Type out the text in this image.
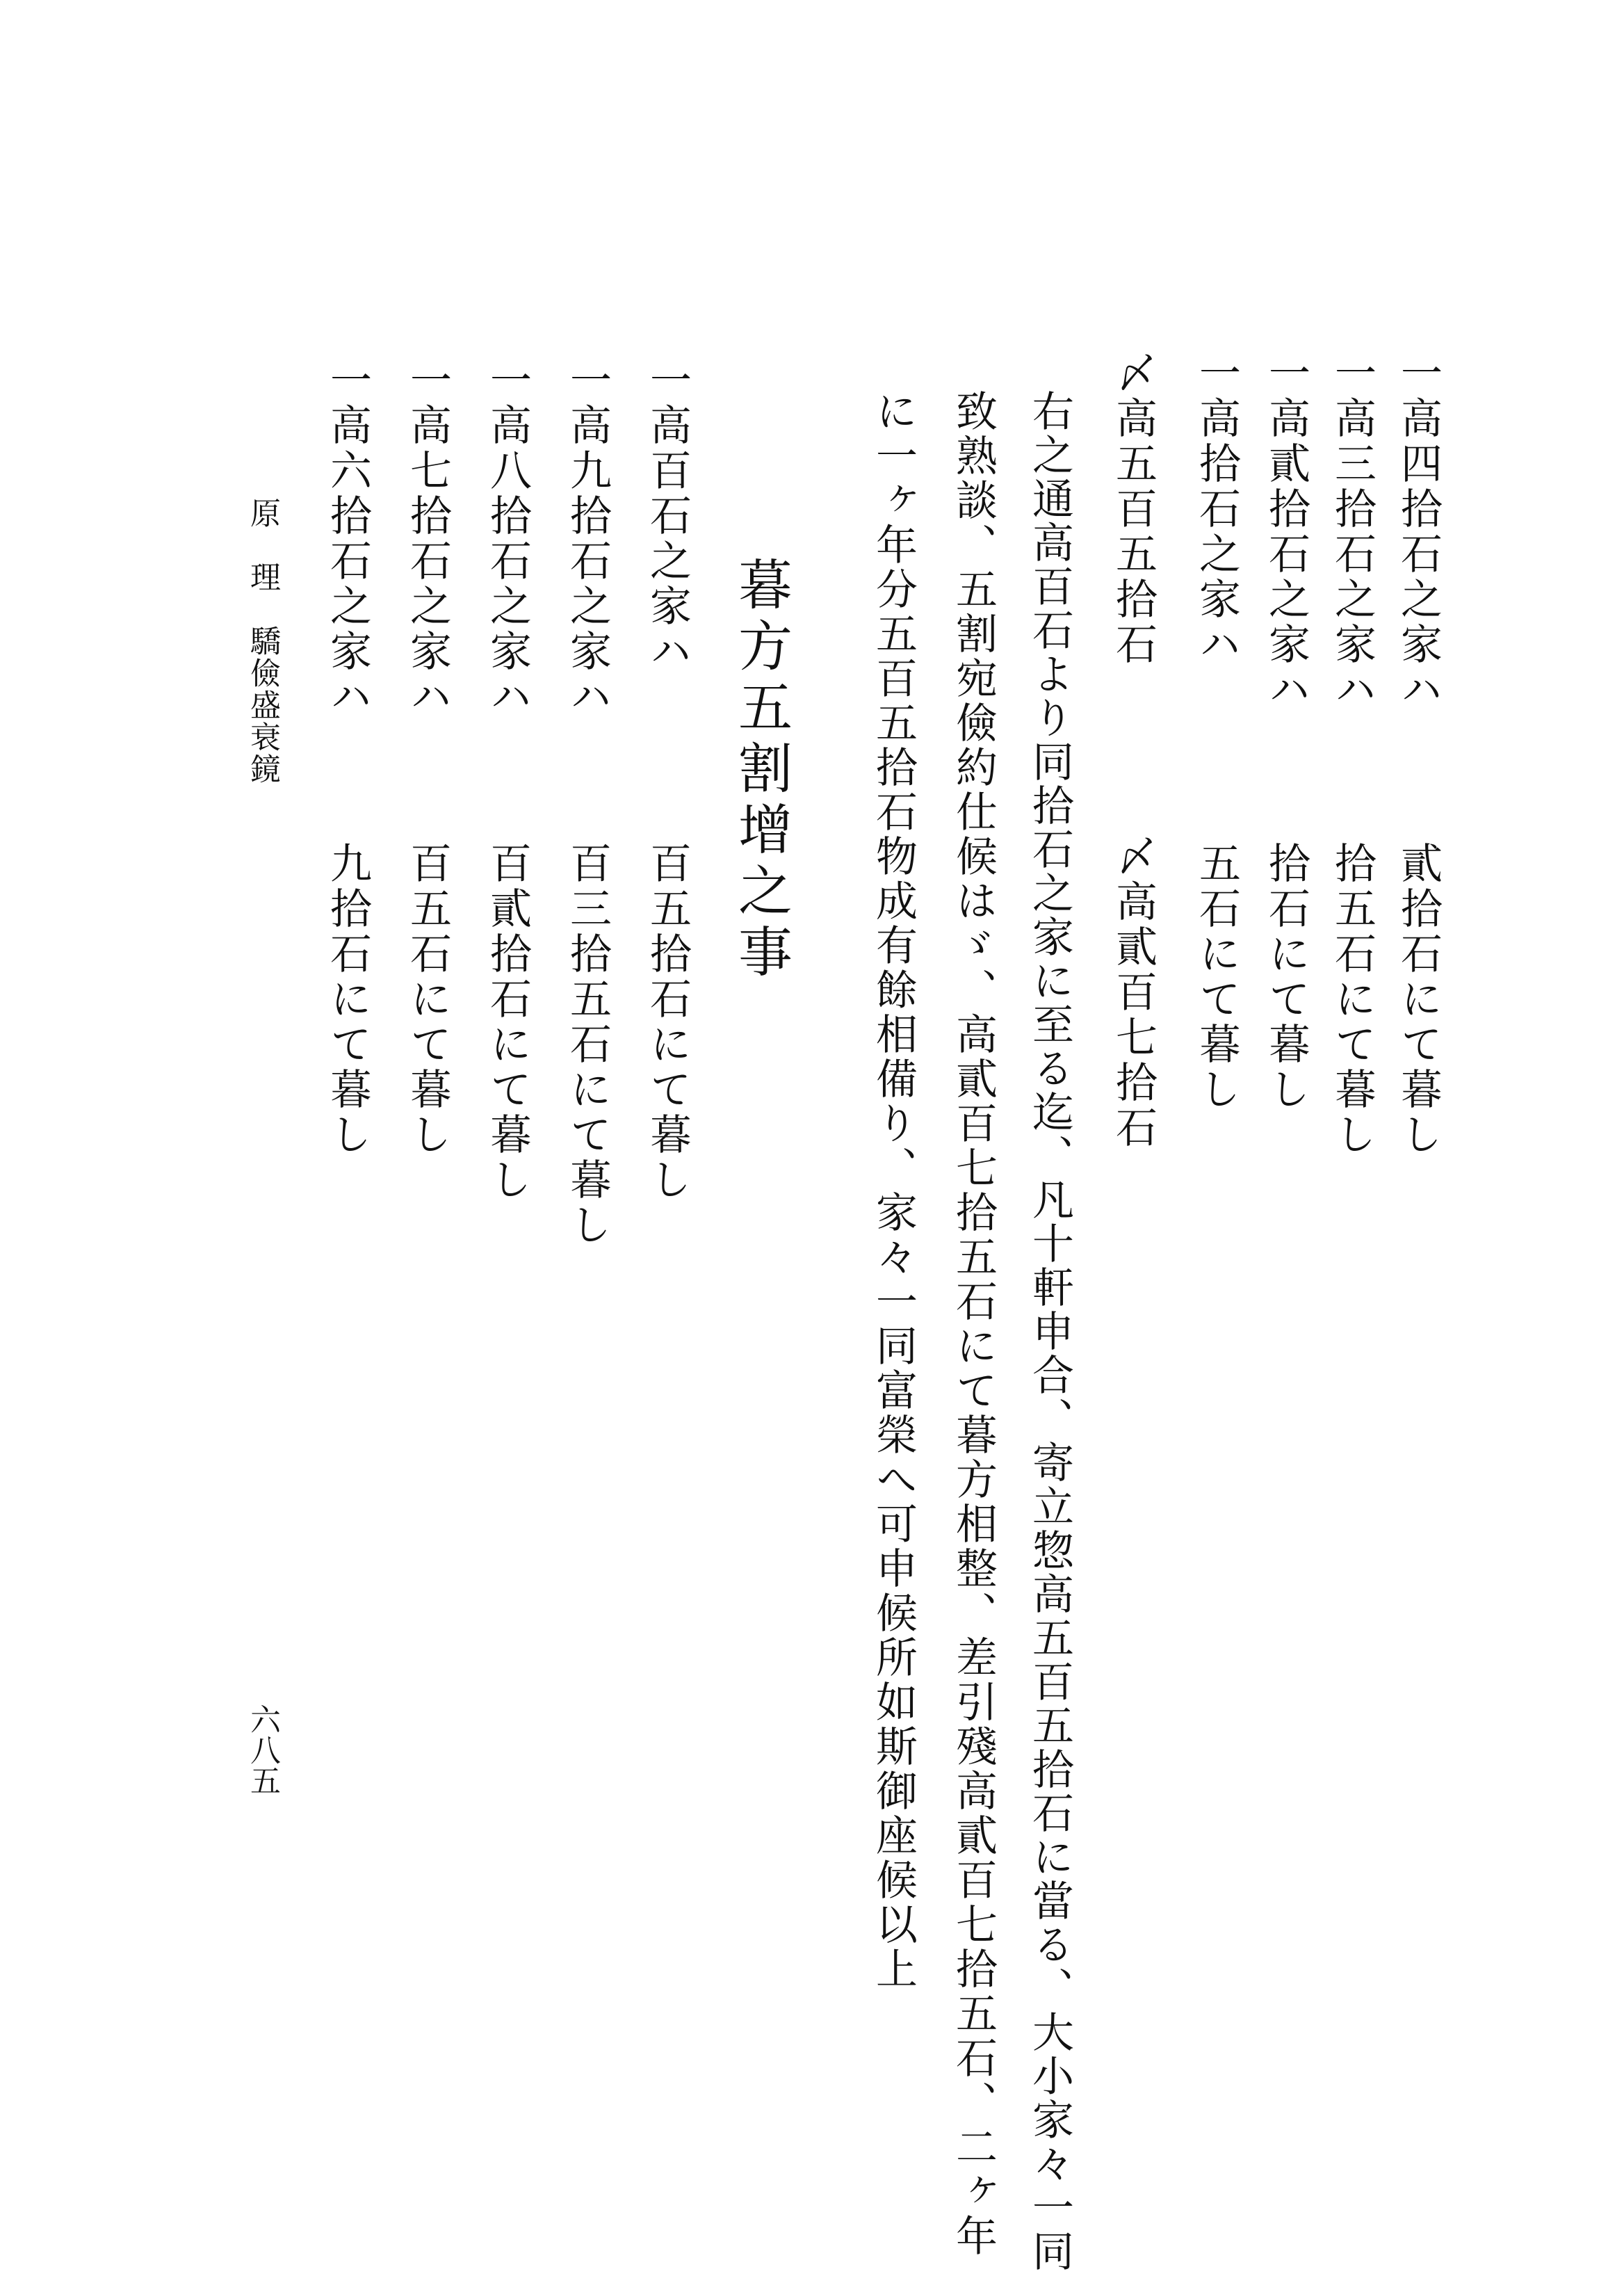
一高四拾石之家ハ
貳拾石にて暮し
一高三拾石之家ハ
拾五石にて暮し
一高貳拾石之家ハ
拾石にて暮し
一高拾石之家ハ
五石にて暮し
〆高五百五拾石
〆高貳百七拾石
右之通高百石より同拾石之家に至る迄、凡十軒申合、寄立惣高五百五拾石に當る、大小家々一同
致熟談、五割宛儉約仕候はゞ、高貳百七拾五石にて暮方相整、差引殘高貳百七拾五石、二ヶ年
に一ヶ年分五百五拾石物成有餘相備り、家々一同富榮へ可申候所如斯御座候以上
暮方五割增之事
一高百石之家ハ
百五拾石にて暮し
一高九拾石之家ハ
百三拾五石にて暮し
一高八拾石之家ハ
百貳拾石にて暮し
一高七拾石之家ハ
百五石にて暮し
一高六拾石之家ハ
九拾石にて暮し
原　理　驕儉盛衰鏡
六八五
